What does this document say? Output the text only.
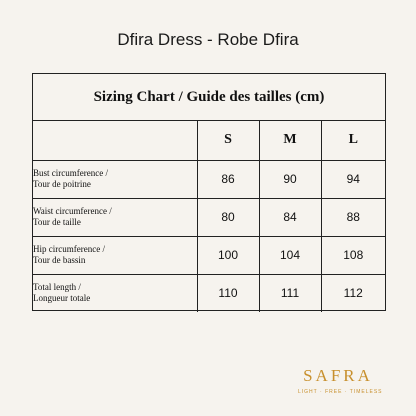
Dfira Dress - Robe Dfira
Sizing Chart / Guide des tailles (cm)
	S	M	L

Bust circumference /
Tour de poitrine	86	90	94

Waist circumference /
Tour de taille	80	84	88

Hip circumference /
Tour de bassin	100	104	108

Total length /
Longueur totale	110	111	112
SAFRA
LIGHT · FREE · TIMELESS
